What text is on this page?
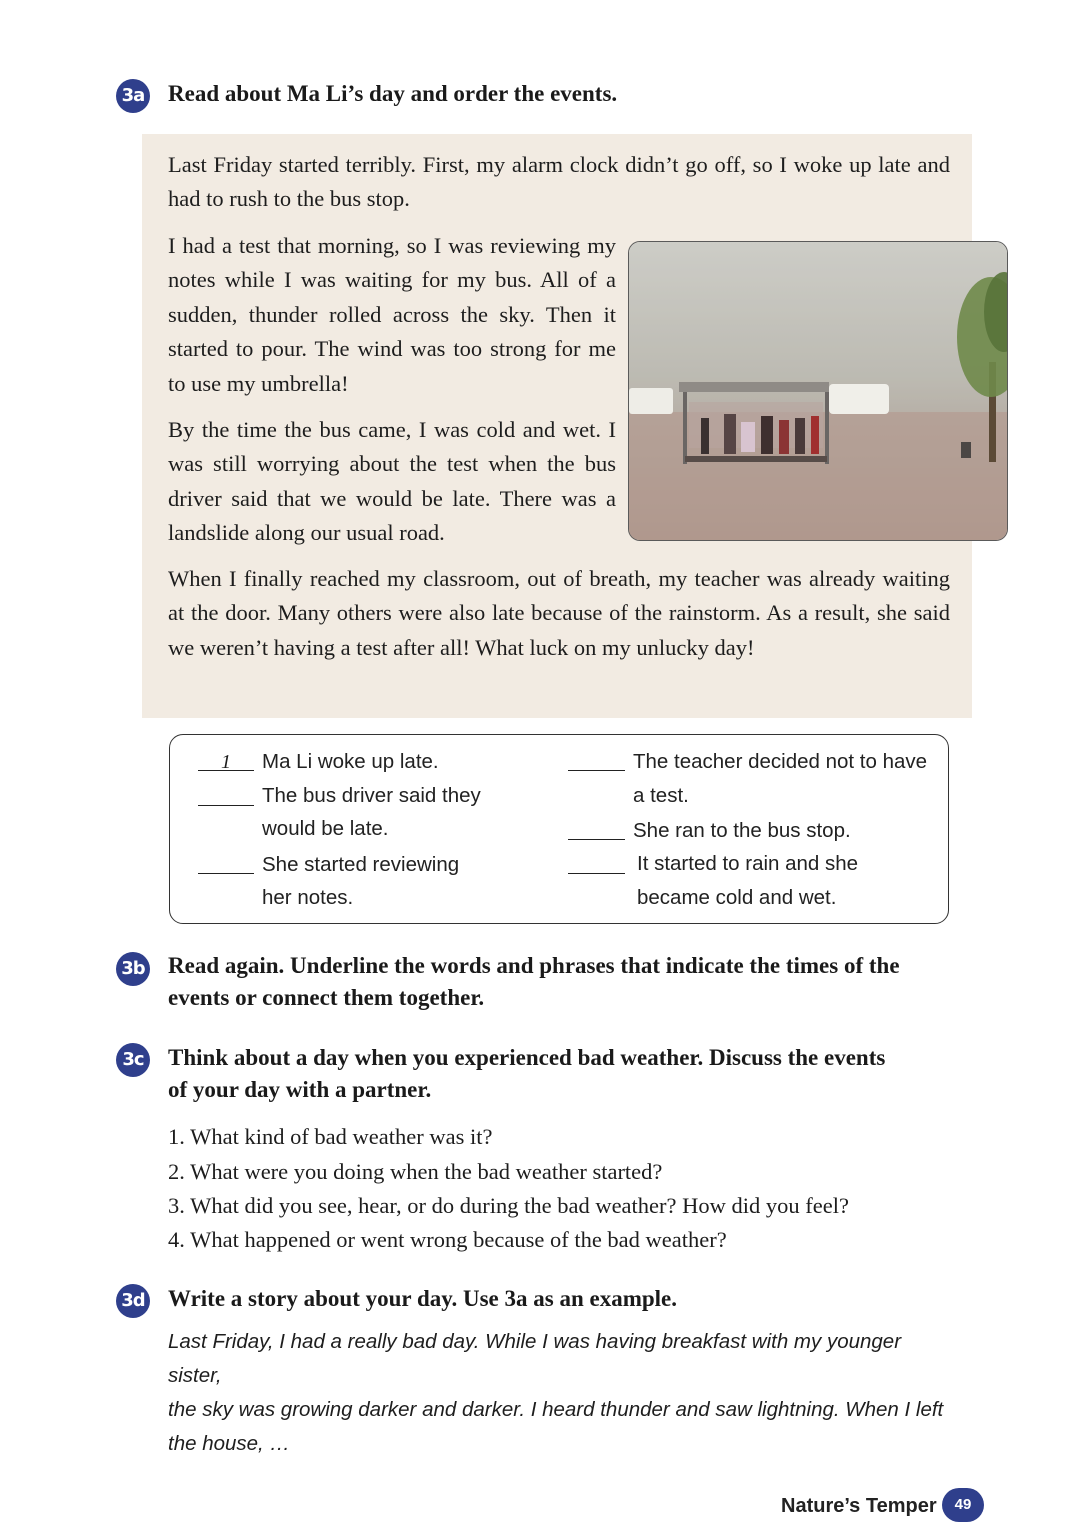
3a Read about Ma Li’s day and order the events.

Last Friday started terribly. First, my alarm clock didn’t go off, so I woke up late and had to rush to the bus stop.

I had a test that morning, so I was reviewing my notes while I was waiting for my bus. All of a sudden, thunder rolled across the sky. Then it started to pour. The wind was too strong for me to use my umbrella!

By the time the bus came, I was cold and wet. I was still worrying about the test when the bus driver said that we would be late. There was a landslide along our usual road.

When I finally reached my classroom, out of breath, my teacher was already waiting at the door. Many others were also late because of the rainstorm. As a result, she said we weren’t having a test after all! What luck on my unlucky day!

1	Ma Li woke up late.
The bus driver said they
would be late.
She started reviewing
her notes.
The teacher decided not to have
a test.
She ran to the bus stop.
It started to rain and she
became cold and wet.
3b Read again. Underline the words and phrases that indicate the times of the
events or connect them together.
3c Think about a day when you experienced bad weather. Discuss the events
of your day with a partner.
1. What kind of bad weather was it?
2. What were you doing when the bad weather started?
3. What did you see, hear, or do during the bad weather? How did you feel?
4. What happened or went wrong because of the bad weather?
3d Write a story about your day. Use 3a as an example.
Last Friday, I had a really bad day. While I was having breakfast with my younger sister,
the sky was growing darker and darker. I heard thunder and saw lightning. When I left
the house, …
Nature’s Temper	49
